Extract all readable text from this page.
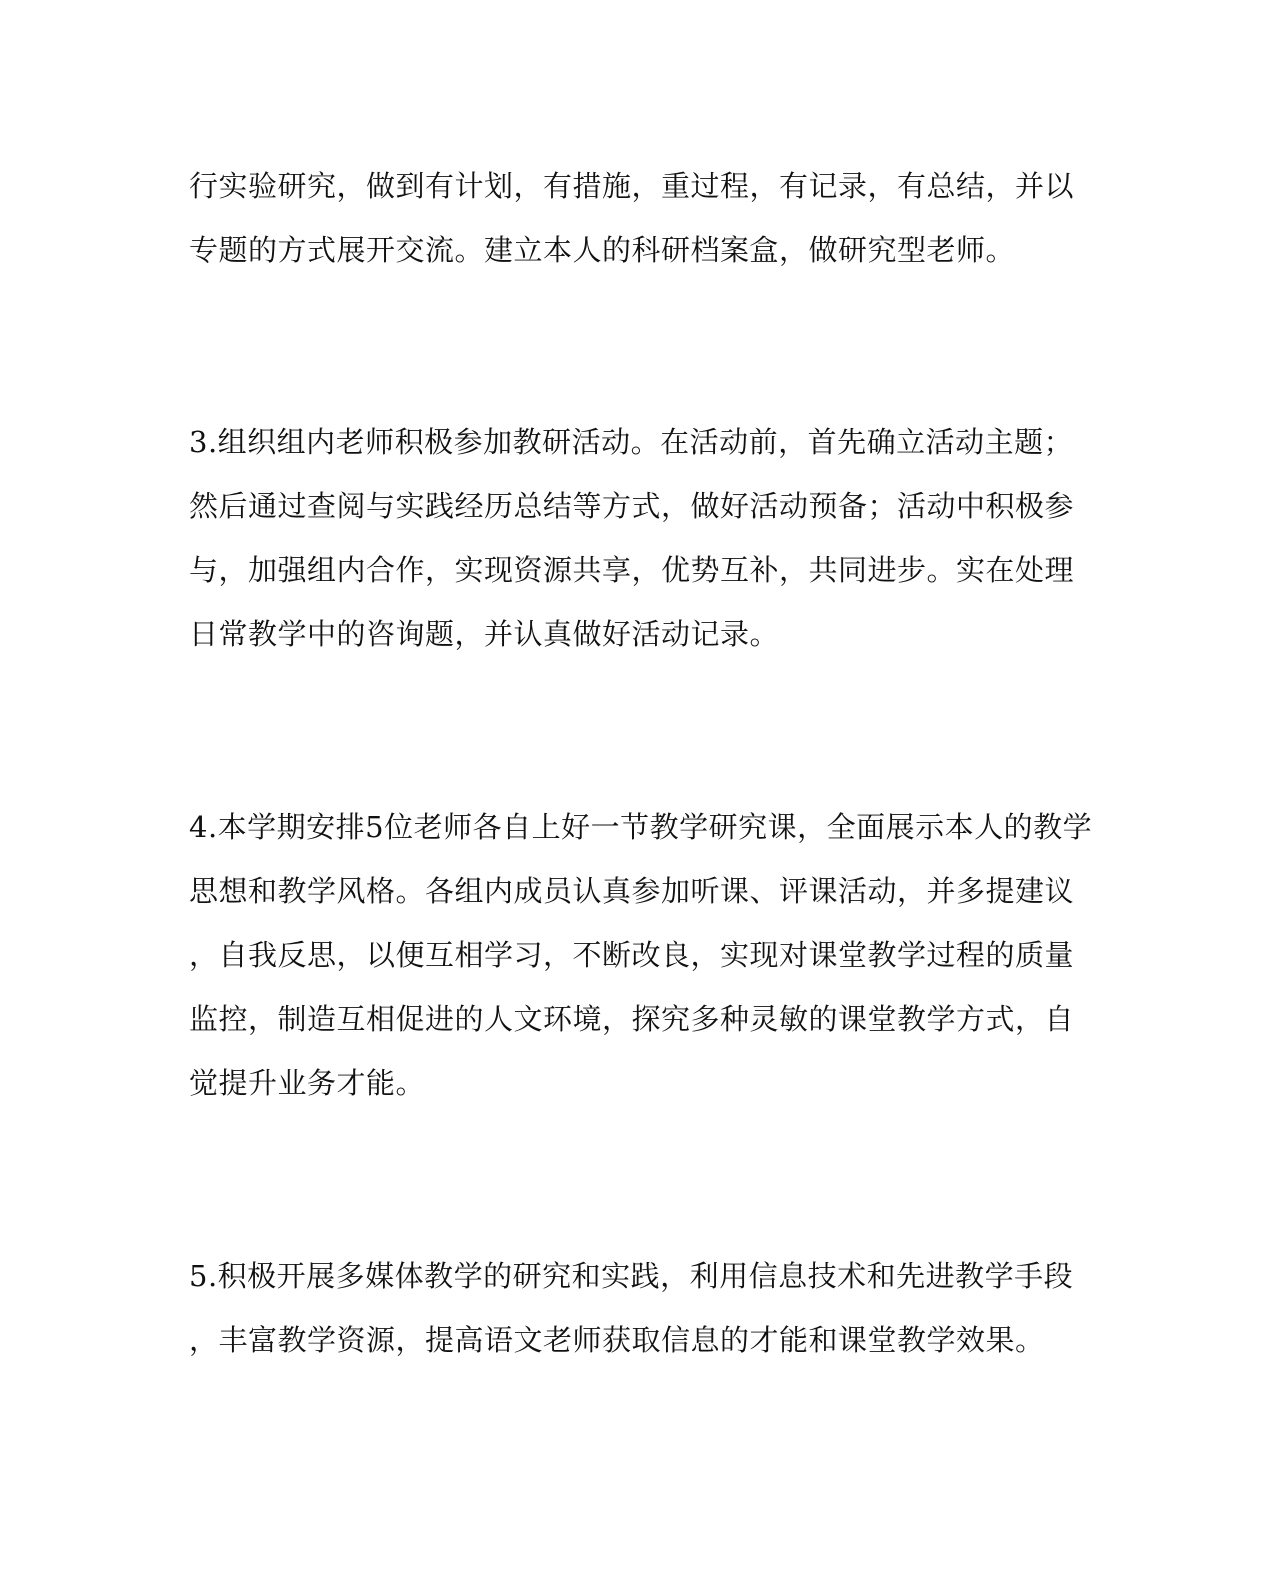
行实验研究，做到有计划，有措施，重过程，有记录，有总结，并以
专题的方式展开交流。建立本人的科研档案盒，做研究型老师。
3.组织组内老师积极参加教研活动。在活动前，首先确立活动主题；
然后通过查阅与实践经历总结等方式，做好活动预备；活动中积极参
与，加强组内合作，实现资源共享，优势互补，共同进步。实在处理
日常教学中的咨询题，并认真做好活动记录。
4.本学期安排5位老师各自上好一节教学研究课，全面展示本人的教学
思想和教学风格。各组内成员认真参加听课、评课活动，并多提建议
，自我反思，以便互相学习，不断改良，实现对课堂教学过程的质量
监控，制造互相促进的人文环境，探究多种灵敏的课堂教学方式，自
觉提升业务才能。
5.积极开展多媒体教学的研究和实践，利用信息技术和先进教学手段
，丰富教学资源，提高语文老师获取信息的才能和课堂教学效果。
